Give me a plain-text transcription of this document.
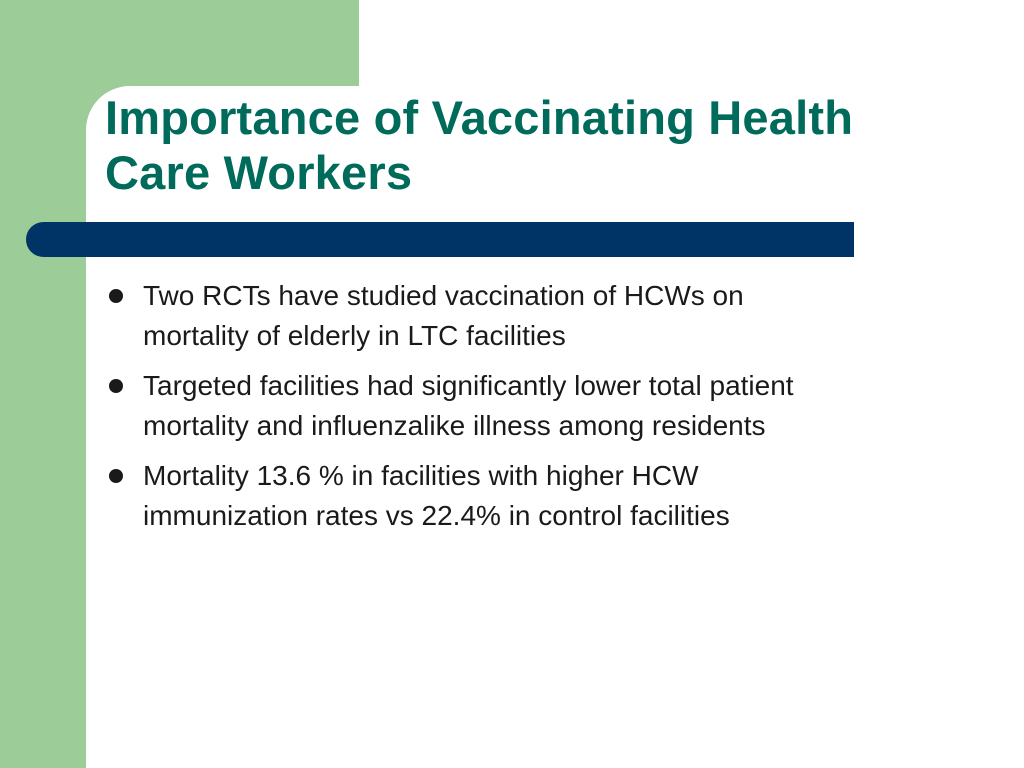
Importance of Vaccinating Health
Care Workers
Two RCTs have studied vaccination of HCWs on
mortality of elderly in LTC facilities
Targeted facilities had significantly lower total patient
mortality and influenzalike illness among residents
Mortality 13.6 % in facilities with higher HCW
immunization rates vs 22.4% in control facilities
